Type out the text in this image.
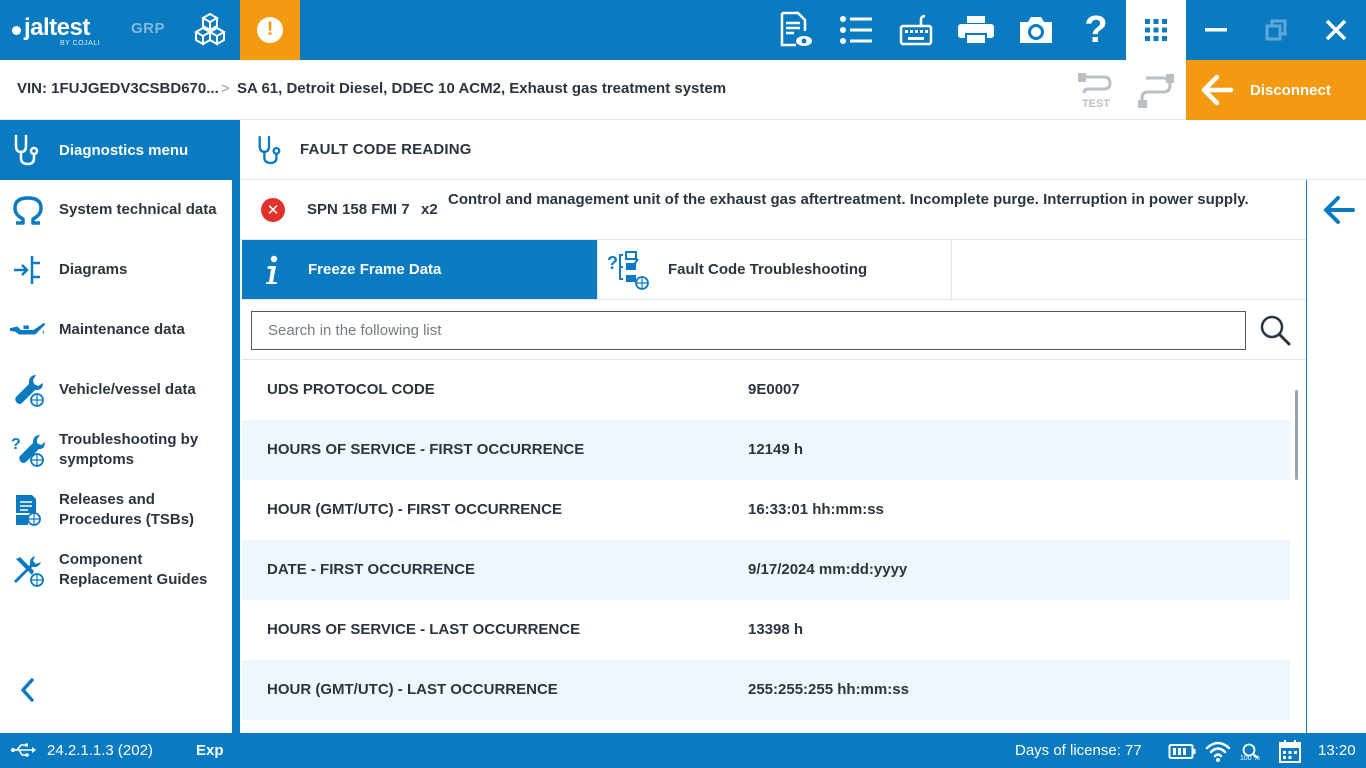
jaltest
BY COJALI
GRP	!	?
VIN: 1FUJGEDV3CSBD670... > SA 61, Detroit Diesel, DDEC 10 ACM2, Exhaust gas treatment system
TEST
Disconnect
Diagnostics menu
System technical data
Diagrams
Maintenance data
Vehicle/vessel data
?	Troubleshooting by symptoms
Releases and Procedures (TSBs)
Component Replacement Guides
FAULT CODE READING
✕	SPN 158 FMI 7 x2
Control and management unit of the exhaust gas aftertreatment. Incomplete purge. Interruption in power supply.
Freeze Frame Data	?	Fault Code Troubleshooting
Search in the following list
UDS PROTOCOL CODE	9E0007
HOURS OF SERVICE - FIRST OCCURRENCE	12149 h
HOUR (GMT/UTC) - FIRST OCCURRENCE	16:33:01 hh:mm:ss
DATE - FIRST OCCURRENCE	9/17/2024 mm:dd:yyyy
HOURS OF SERVICE - LAST OCCURRENCE	13398 h
HOUR (GMT/UTC) - LAST OCCURRENCE	255:255:255 hh:mm:ss
24.2.1.1.3 (202)	Exp	Days of license: 77	100 %	13:20
